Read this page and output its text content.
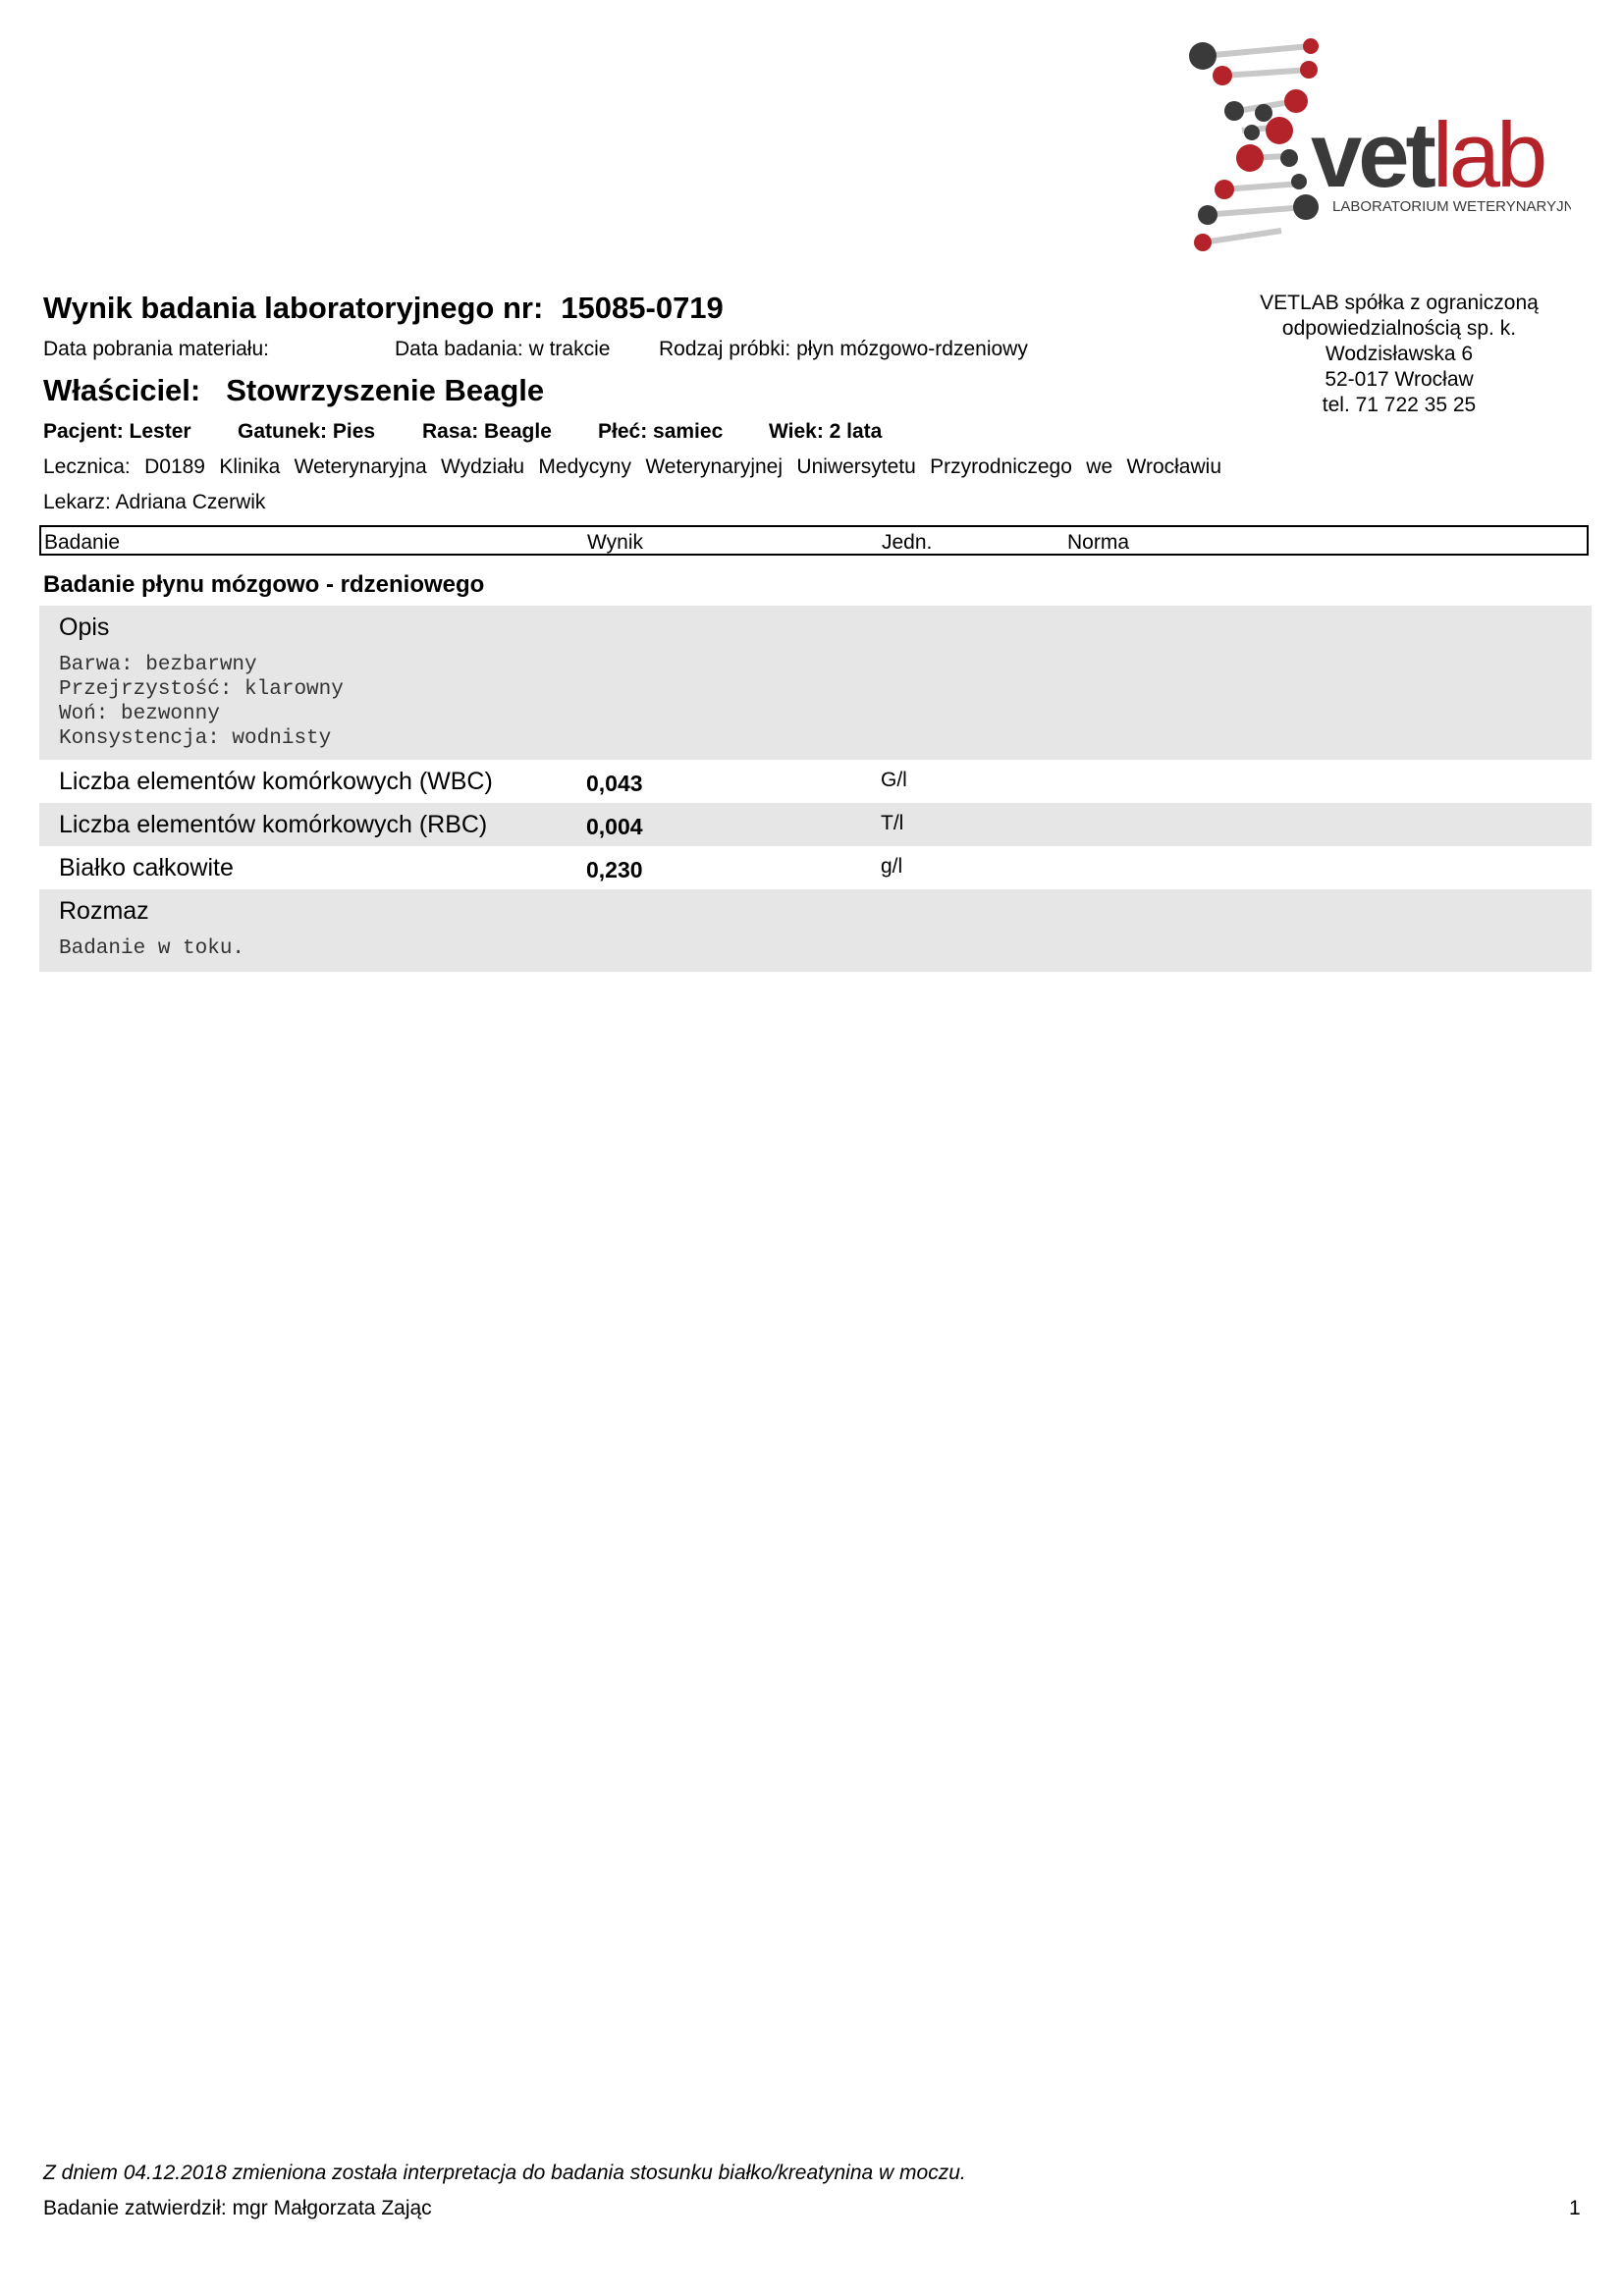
vetlab
LABORATORIUM WETERYNARYJNE
Wynik badania laboratoryjnego nr: 15085-0719
Data pobrania materiału:	Data badania: w trakcie Rodzaj próbki: płyn mózgowo-rdzeniowy
Właściciel: Stowrzyszenie Beagle
Pacjent: Lester Gatunek: Pies Rasa: Beagle Płeć: samiec Wiek: 2 lata
Lecznica: D0189 Klinika Weterynaryjna Wydziału Medycyny Weterynaryjnej Uniwersytetu Przyrodniczego we Wrocławiu
Lekarz: Adriana Czerwik
VETLAB spółka z ograniczoną
odpowiedzialnością sp. k.
Wodzisławska 6
52-017 Wrocław
tel. 71 722 35 25
Badanie	Wynik	Jedn.	Norma
Badanie płynu mózgowo - rdzeniowego
Opis
Barwa: bezbarwny
Przejrzystość: klarowny
Woń: bezwonny
Konsystencja: wodnisty
Liczba elementów komórkowych (WBC)	0,043	G/l
Liczba elementów komórkowych (RBC)	0,004	T/l
Białko całkowite	0,230	g/l
Rozmaz
Badanie w toku.
Z dniem 04.12.2018 zmieniona została interpretacja do badania stosunku białko/kreatynina w moczu.
Badanie zatwierdził: mgr Małgorzata Zając	1
